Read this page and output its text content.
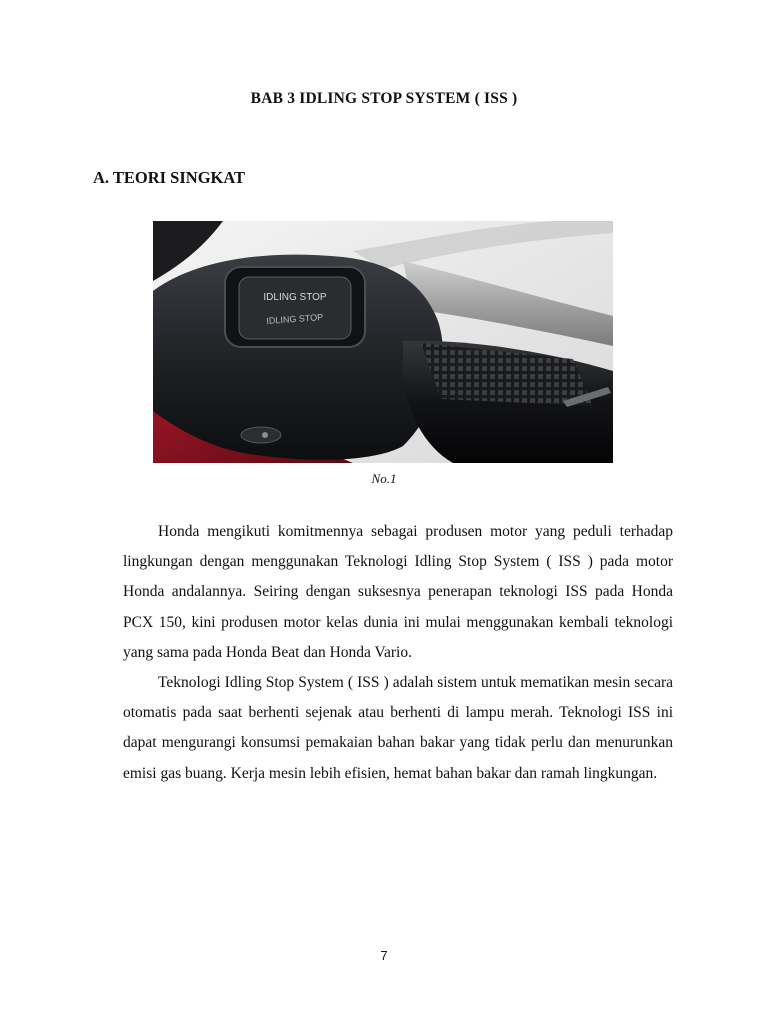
BAB 3 IDLING STOP SYSTEM ( ISS )
A. TEORI SINGKAT
IDLING STOP
IDLING STOP
No.1

Honda mengikuti komitmennya sebagai produsen motor yang peduli terhadap lingkungan dengan menggunakan Teknologi Idling Stop System ( ISS ) pada motor Honda andalannya. Seiring dengan suksesnya penerapan teknologi ISS pada Honda PCX 150, kini produsen motor kelas dunia ini mulai menggunakan kembali teknologi yang sama pada Honda Beat dan Honda Vario.

Teknologi Idling Stop System ( ISS ) adalah sistem untuk mematikan mesin secara otomatis pada saat berhenti sejenak atau berhenti di lampu merah. Teknologi ISS ini dapat mengurangi konsumsi pemakaian bahan bakar yang tidak perlu dan menurunkan emisi gas buang. Kerja mesin lebih efisien, hemat bahan bakar dan ramah lingkungan.

7
